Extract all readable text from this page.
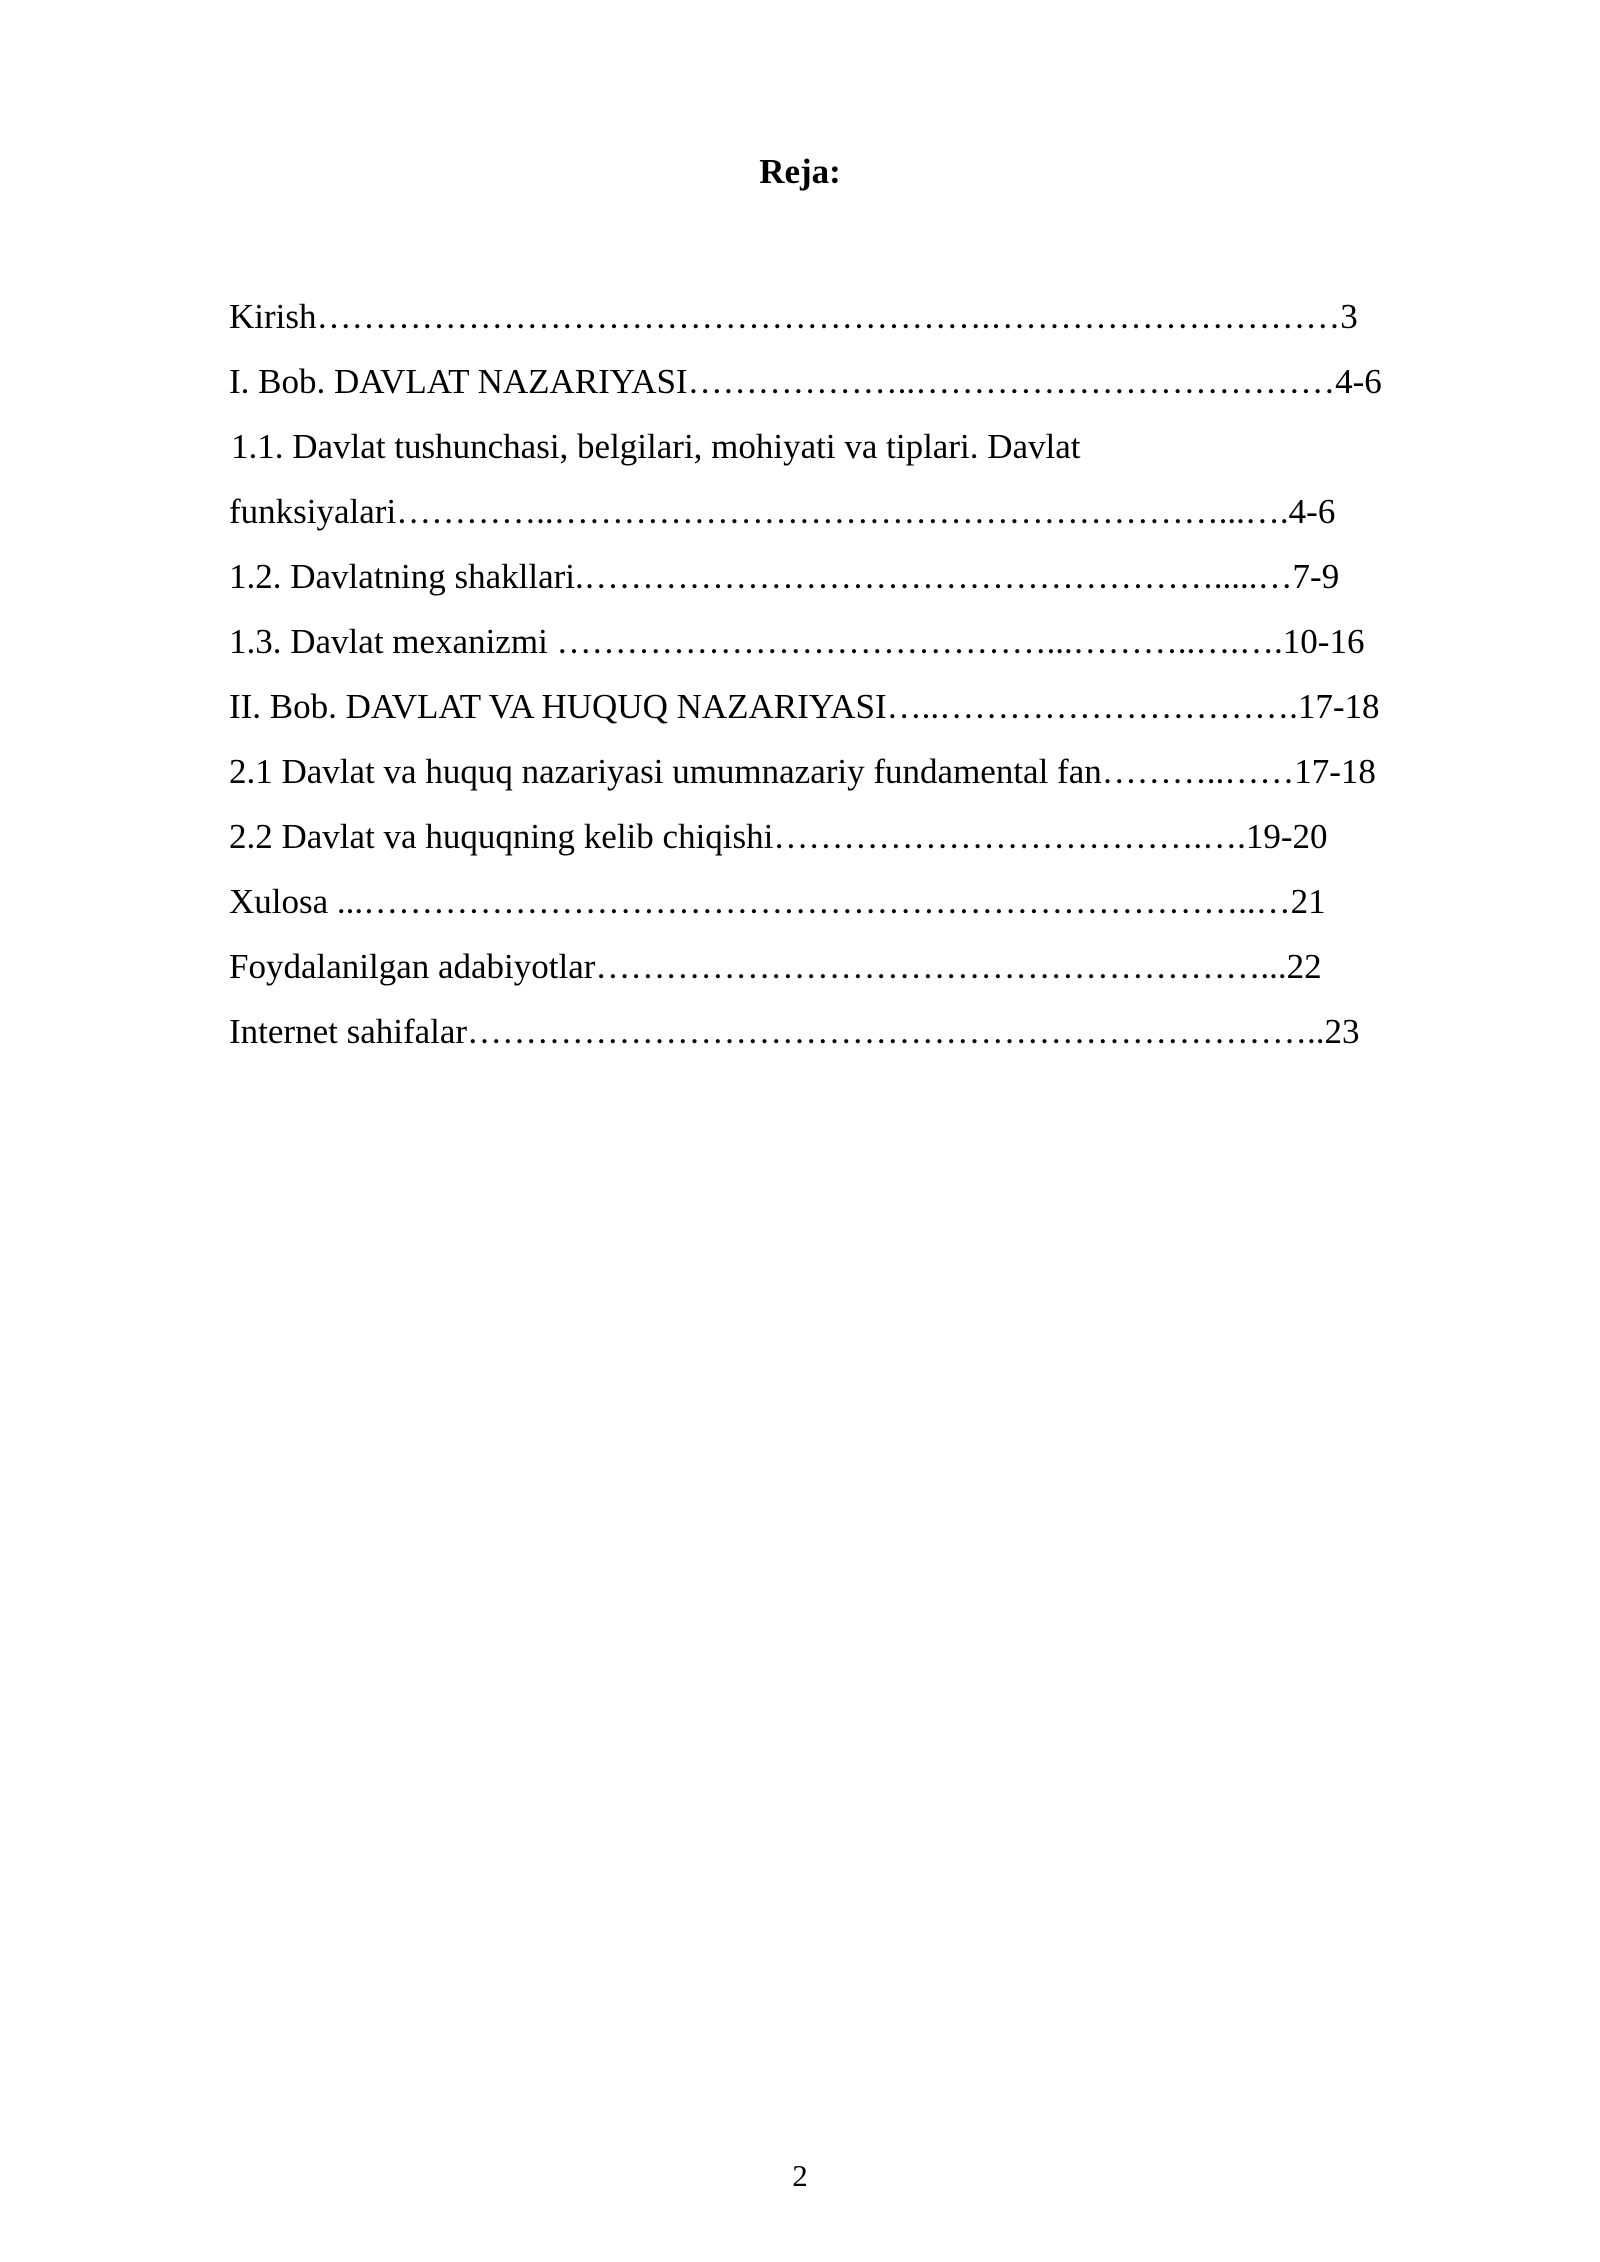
Reja:
Kirish………………………………………………….…………………………3
I. Bob. DAVLAT NAZARIYASI………………..………………………………4-6
1.1. Davlat tushunchasi, belgilari, mohiyati va tiplari. Davlat
funksiyalari…………..…………………………………………………...….4-6
1.2. Davlatning shakllari.……………………………………………….....…7-9
1.3. Davlat mexanizmi ……………………………………...………..….….10-16
II. Bob. DAVLAT VA HUQUQ NAZARIYASI…..………………………….17-18
2.1 Davlat va huquq nazariyasi umumnazariy fundamental fan………..……17-18
2.2 Davlat va huquqning kelib chiqishi……………………………….….19-20
Xulosa ...…………………………………………………………………..…21
Foydalanilgan adabiyotlar…………………………………………………...22
Internet sahifalar………………………………………………………………..23
2
